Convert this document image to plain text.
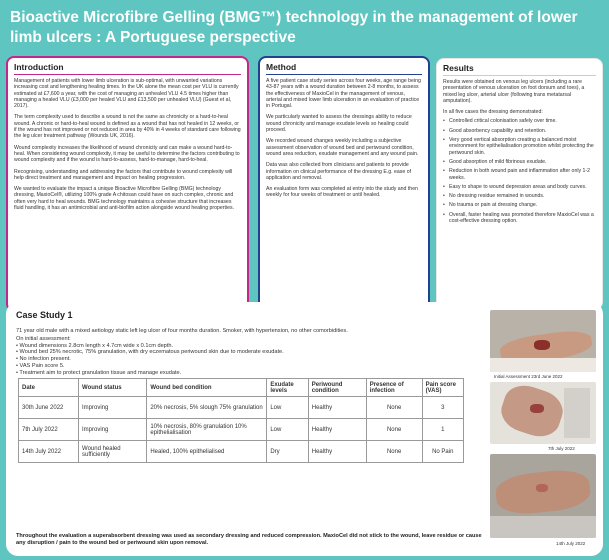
Bioactive Microfibre Gelling (BMG™) technology in the management of lower limb ulcers : A Portuguese perspective
Introduction

Management of patients with lower limb ulceration is sub-optimal, with unwanted variations increasing cost and lengthening healing times. In the UK alone the mean cost per VLU is currently estimated at £7,600 a year, with the cost of managing an unhealed VLU 4.5 times higher than managing a healed VLU (£3,000 per healed VLU and £13,500 per unhealed VLU) (Guest et al, 2017).

The term complexity used to describe a wound is not the same as chronicity or a hard-to-heal wound. A chronic or hard-to-heal wound is defined as a wound that has not healed in 12 weeks, or if the wound has not improved or not reduced in area by 40% in 4 weeks of standard care following the leg ulcer treatment pathway (Wounds UK, 2016).

Wound complexity increases the likelihood of wound chronicity and can make a wound hard-to-heal. When considering wound complexity, it may be useful to determine the factors contributing to wound complexity and if the wound is hard-to-assess, hard-to-manage, hard-to-heal.

Recognising, understanding and addressing the factors that contribute to wound complexity will help direct treatment and management and impact on healing progression.

We wanted to evaluate the impact a unique Bioactive Microfibre Gelling (BMG) technology dressing, MaxioCel®, utilizing 100% grade A chitosan could have on such complex, chronic and often very hard to heal wounds. BMG technology maintains a cohesive structure that increases fluid handling, it has an antimicrobial and anti-biofilm action alongside wound healing properties.

Method

A five patient case study series across four weeks, age range being 43-87 years with a wound duration between 2-8 months, to assess the effectiveness of MaxioCel in the management of venous, arterial and mixed lower limb ulceration in an evaluation of practice in Portugal.

We particularly wanted to assess the dressings ability to reduce wound chronicity and manage exudate levels so healing could proceed.

We recorded wound changes weekly including a subjective assessment observation of wound bed and periwound condition, wound area reduction, exudate management and any wound pain.

Data was also collected from clinicians and patients to provide information on clinical performance of the dressing E.g. ease of application and removal.

An evaluation form was completed at entry into the study and then weekly for four weeks of treatment or until healed.

Results

Results were obtained on venous leg ulcers (including a rare presentation of venous ulceration on foot dorsum and toes), a mixed leg ulcer, arterial ulcer (following trans metatarsal amputation).

In all five cases the dressing demonstrated:

• Controlled critical colonisation safely over time.
• Good absorbency capability and retention.
• Very good vertical absorption creating a balanced moist environment for epithelialisation promotion whilst protecting the periwound skin.
• Good absorption of mild fibrinous exudate.
• Reduction in both wound pain and inflammation after only 1-2 weeks.
• Easy to shape to wound depression areas and body curves.
• No dressing residue remained in wounds.
• No trauma or pain at dressing change.
• Overall, faster healing was promoted therefore MaxioCel was a cost-effective dressing option.
Case Study 1

71 year old male with a mixed aetiology static left leg ulcer of four months duration. Smoker, with hypertension, no other comorbidities.

On initial assessment:

• Wound dimensions 2.8cm length x 4.7cm wide x 0.1cm depth.

• Wound bed 25% necrotic, 75% granulation, with dry eczematous periwound skin due to moderate exudate.

• No infection present.

• VAS Pain score 5.

• Treatment aim to protect granulation tissue and manage exudate.

Date	Wound status	Wound bed condition	Exudate levels	Periwound condition	Presence of infection	Pain score (VAS)
30th June 2022	Improving	20% necrosis, 5% slough 75% granulation	Low	Healthy	None	3
7th July 2022	Improving	10% necrosis, 80% granulation 10% epithelialisation	Low	Healthy	None	1
14th July 2022	Wound healed sufficiently	Healed, 100% epithelialised	Dry	Healthy	None	No Pain
Throughout the evaluation a superabsorbent dressing was used as secondary dressing and reduced compression. MaxioCel did not stick to the wound, leave residue or cause any disruption / pain to the wound bed or periwound skin upon removal.
Initial Assessment 23rd June 2022
7th July 2022
14th July 2022
